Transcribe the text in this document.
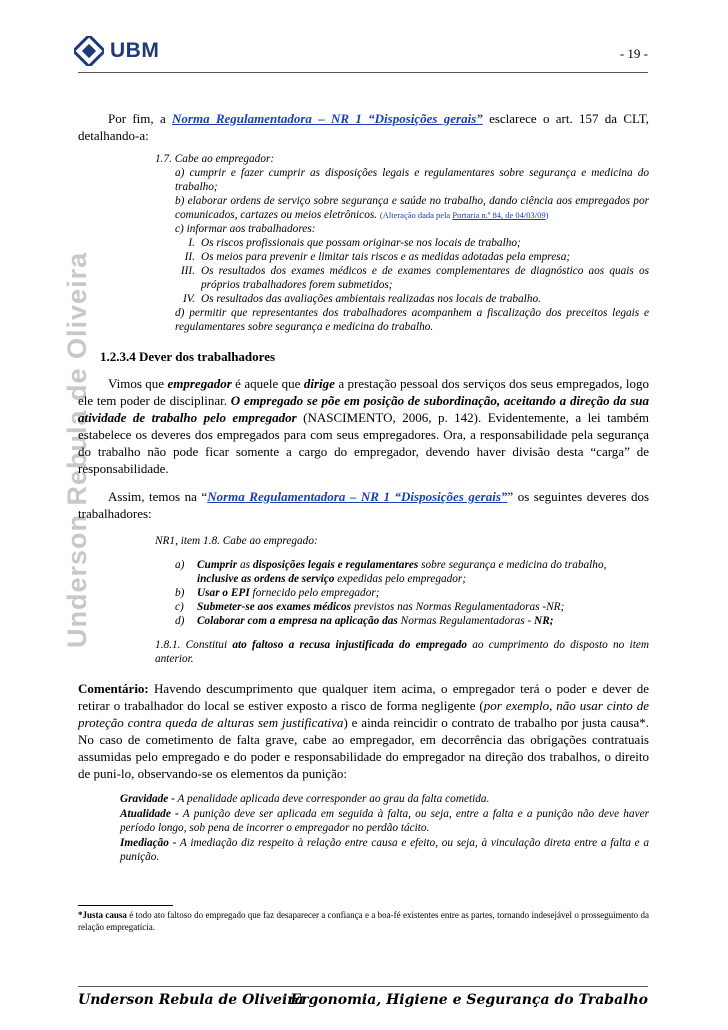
UBM	- 19 -
Underson Rebula de Oliveira

Por fim, a Norma Regulamentadora – NR 1 “Disposições gerais” esclarece o art. 157 da CLT, detalhando-a:

1.7. Cabe ao empregador:
a) cumprir e fazer cumprir as disposições legais e regulamentares sobre segurança e medicina do trabalho;
b) elaborar ordens de serviço sobre segurança e saúde no trabalho, dando ciência aos empregados por comunicados, cartazes ou meios eletrônicos. (Alteração dada pela Portaria n.º 84, de 04/03/09)
c) informar aos trabalhadores:
I. Os riscos profissionais que possam originar-se nos locais de trabalho;
II. Os meios para prevenir e limitar tais riscos e as medidas adotadas pela empresa;
III. Os resultados dos exames médicos e de exames complementares de diagnóstico aos quais os próprios trabalhadores forem submetidos;
IV. Os resultados das avaliações ambientais realizadas nos locais de trabalho.
d) permitir que representantes dos trabalhadores acompanhem a fiscalização dos preceitos legais e regulamentares sobre segurança e medicina do trabalho.
1.2.3.4 Dever dos trabalhadores

Vimos que empregador é aquele que dirige a prestação pessoal dos serviços dos seus empregados, logo ele tem poder de disciplinar. O empregado se põe em posição de subordinação, aceitando a direção da sua atividade de trabalho pelo empregador (NASCIMENTO, 2006, p. 142). Evidentemente, a lei também estabelece os deveres dos empregados para com seus empregadores. Ora, a responsabilidade pela segurança do trabalho não pode ficar somente a cargo do empregador, devendo haver divisão desta “carga” de responsabilidade.

Assim, temos na “Norma Regulamentadora – NR 1 “Disposições gerais”” os seguintes deveres dos trabalhadores:

NR1, item 1.8. Cabe ao empregado:
a)	Cumprir as disposições legais e regulamentares sobre segurança e medicina do trabalho, inclusive as ordens de serviço expedidas pelo empregador;
b)	Usar o EPI fornecido pelo empregador;
c)	Submeter-se aos exames médicos previstos nas Normas Regulamentadoras -NR;
d)	Colaborar com a empresa na aplicação das Normas Regulamentadoras - NR;
1.8.1. Constitui ato faltoso a recusa injustificada do empregado ao cumprimento do disposto no item anterior.

Comentário: Havendo descumprimento que qualquer item acima, o empregador terá o poder e dever de retirar o trabalhador do local se estiver exposto a risco de forma negligente (por exemplo, não usar cinto de proteção contra queda de alturas sem justificativa) e ainda reincidir o contrato de trabalho por justa causa*. No caso de cometimento de falta grave, cabe ao empregador, em decorrência das obrigações contratuais assumidas pelo empregado e do poder e responsabilidade do empregador na direção dos trabalhos, o direito de puni-lo, observando-se os elementos da punição:

Gravidade - A penalidade aplicada deve corresponder ao grau da falta cometida.
Atualidade - A punição deve ser aplicada em seguida à falta, ou seja, entre a falta e a punição não deve haver período longo, sob pena de incorrer o empregador no perdão tácito.
Imediação - A imediação diz respeito à relação entre causa e efeito, ou seja, à vinculação direta entre a falta e a punição.
*Justa causa é todo ato faltoso do empregado que faz desaparecer a confiança e a boa-fé existentes entre as partes, tornando indesejável o prosseguimento da relação empregatícia.
Underson Rebula de Oliveira
Ergonomia, Higiene e Segurança do Trabalho
